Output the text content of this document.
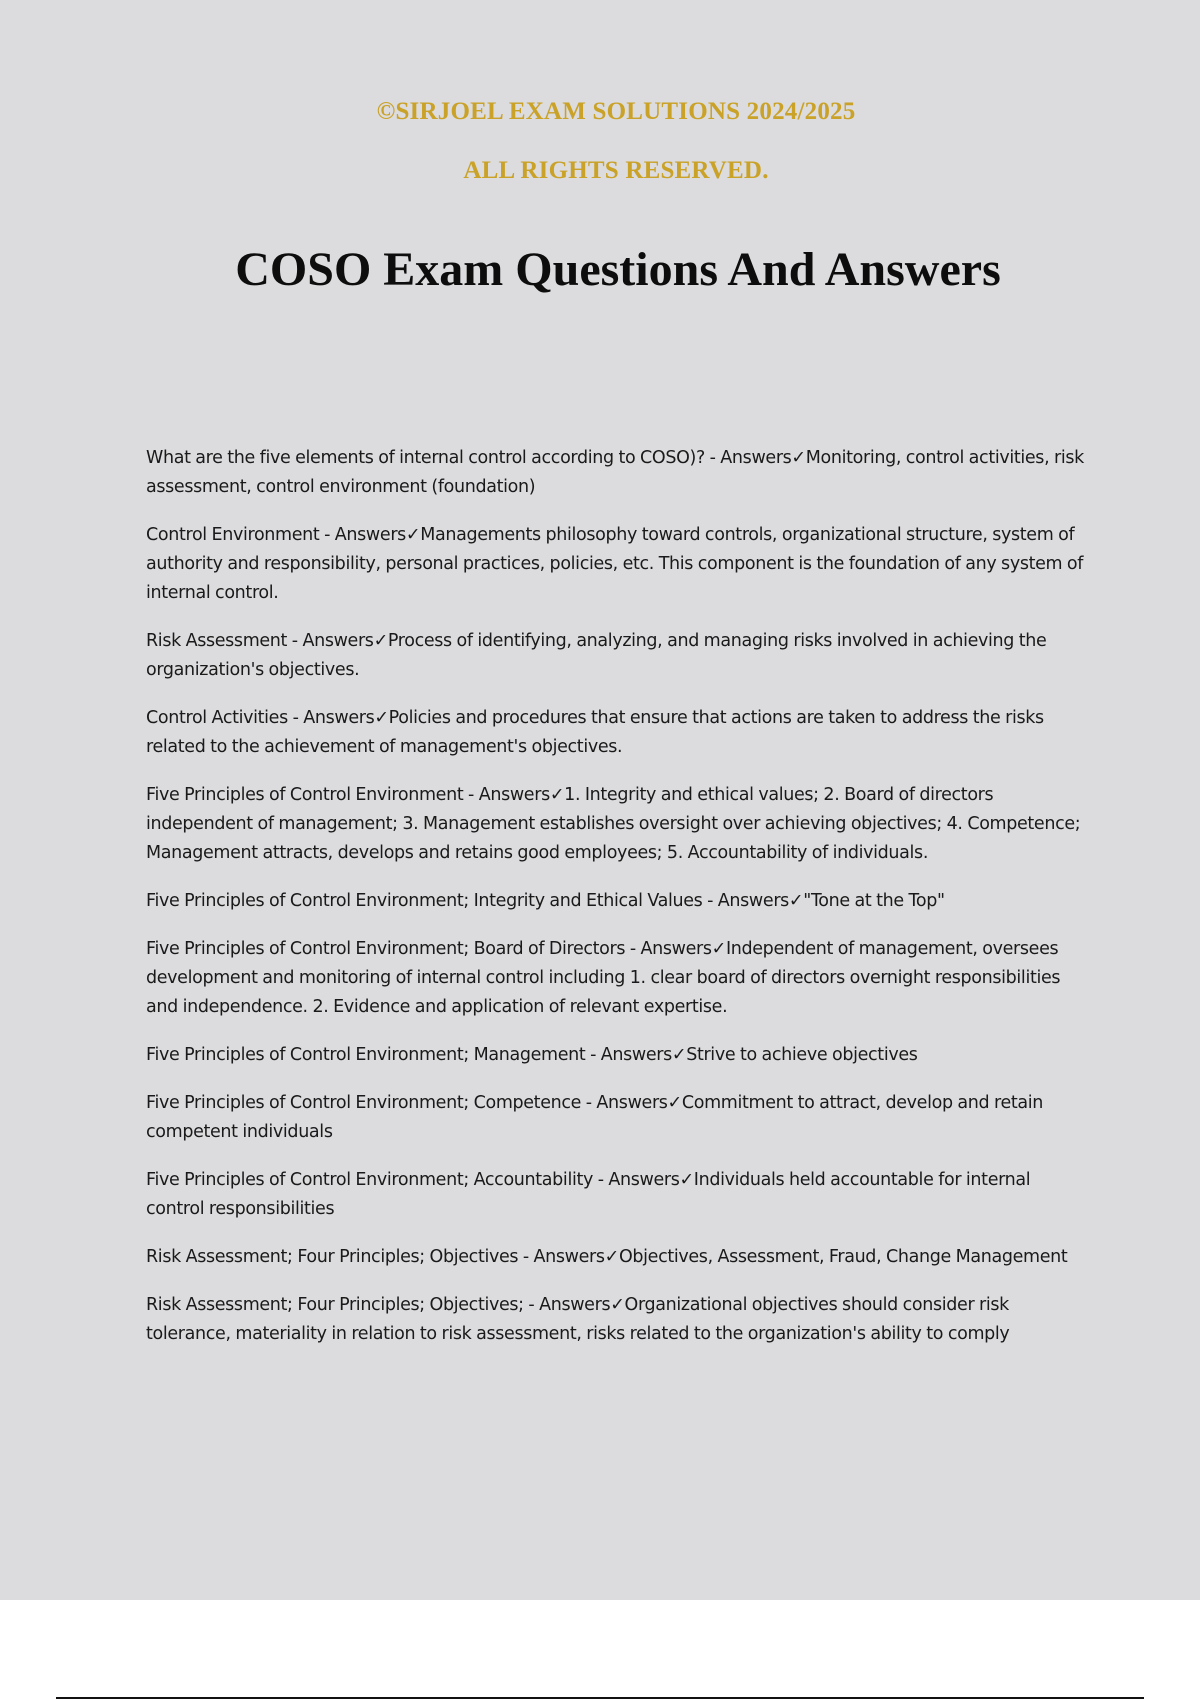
©SIRJOEL EXAM SOLUTIONS 2024/2025
ALL RIGHTS RESERVED.
COSO Exam Questions And Answers

What are the five elements of internal control according to COSO)? - Answers✓Monitoring, control activities, risk assessment, control environment (foundation)

Control Environment - Answers✓Managements philosophy toward controls, organizational structure, system of authority and responsibility, personal practices, policies, etc. This component is the foundation of any system of internal control.

Risk Assessment - Answers✓Process of identifying, analyzing, and managing risks involved in achieving the organization's objectives.

Control Activities - Answers✓Policies and procedures that ensure that actions are taken to address the risks related to the achievement of management's objectives.

Five Principles of Control Environment - Answers✓1. Integrity and ethical values; 2. Board of directors independent of management; 3. Management establishes oversight over achieving objectives; 4. Competence; Management attracts, develops and retains good employees; 5. Accountability of individuals.

Five Principles of Control Environment; Integrity and Ethical Values - Answers✓"Tone at the Top"

Five Principles of Control Environment; Board of Directors - Answers✓Independent of management, oversees development and monitoring of internal control including 1. clear board of directors overnight responsibilities and independence. 2. Evidence and application of relevant expertise.

Five Principles of Control Environment; Management - Answers✓Strive to achieve objectives

Five Principles of Control Environment; Competence - Answers✓Commitment to attract, develop and retain competent individuals

Five Principles of Control Environment; Accountability - Answers✓Individuals held accountable for internal control responsibilities

Risk Assessment; Four Principles; Objectives - Answers✓Objectives, Assessment, Fraud, Change Management

Risk Assessment; Four Principles; Objectives; - Answers✓Organizational objectives should consider risk tolerance, materiality in relation to risk assessment, risks related to the organization's ability to comply
